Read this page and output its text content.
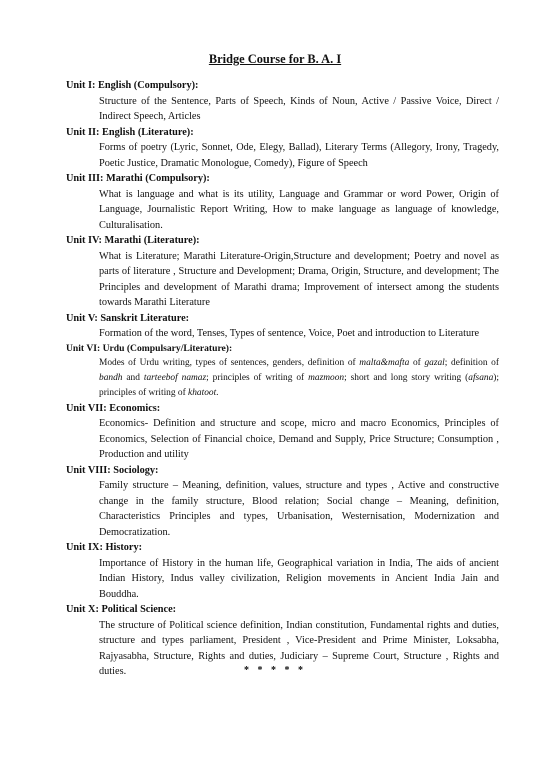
Bridge Course for B. A. I

Unit I: English (Compulsory):

Structure of the Sentence, Parts of Speech, Kinds of Noun, Active / Passive Voice, Direct / Indirect Speech, Articles

Unit II: English (Literature):

Forms of poetry (Lyric, Sonnet, Ode, Elegy, Ballad), Literary Terms (Allegory, Irony, Tragedy, Poetic Justice, Dramatic Monologue, Comedy), Figure of Speech

Unit III: Marathi (Compulsory):

What is language and what is its utility, Language and Grammar or word Power, Origin of Language, Journalistic Report Writing, How to make language as language of knowledge, Culturalisation.

Unit IV: Marathi (Literature):

What is Literature; Marathi Literature-Origin,Structure and development; Poetry and novel as parts of literature , Structure and Development; Drama, Origin, Structure, and development; The Principles and development of Marathi drama; Improvement of intersect among the students towards Marathi Literature

Unit V: Sanskrit Literature:

Formation of the word, Tenses, Types of sentence, Voice, Poet and introduction to Literature

Unit VI: Urdu (Compulsary/Literature):

Modes of Urdu writing, types of sentences, genders, definition of malta&mafta of gazal; definition of bandh and tarteebof namaz; principles of writing of mazmoon; short and long story writing (afsana); principles of writing of khatoot.

Unit VII: Economics:

Economics- Definition and structure and scope, micro and macro Economics, Principles of Economics, Selection of Financial choice, Demand and Supply, Price Structure; Consumption , Production and utility

Unit VIII: Sociology:

Family structure – Meaning, definition, values, structure and types , Active and constructive change in the family structure, Blood relation; Social change – Meaning, definition, Characteristics Principles and types, Urbanisation, Westernisation, Modernization and Democratization.

Unit IX: History:

Importance of History in the human life, Geographical variation in India, The aids of ancient Indian History, Indus valley civilization, Religion movements in Ancient India Jain and Bouddha.

Unit X: Political Science:

The structure of Political science definition, Indian constitution, Fundamental rights and duties, structure and types parliament, President , Vice-President and Prime Minister, Loksabha, Rajyasabha, Structure, Rights and duties, Judiciary – Supreme Court, Structure , Rights and duties.	* * * * *
